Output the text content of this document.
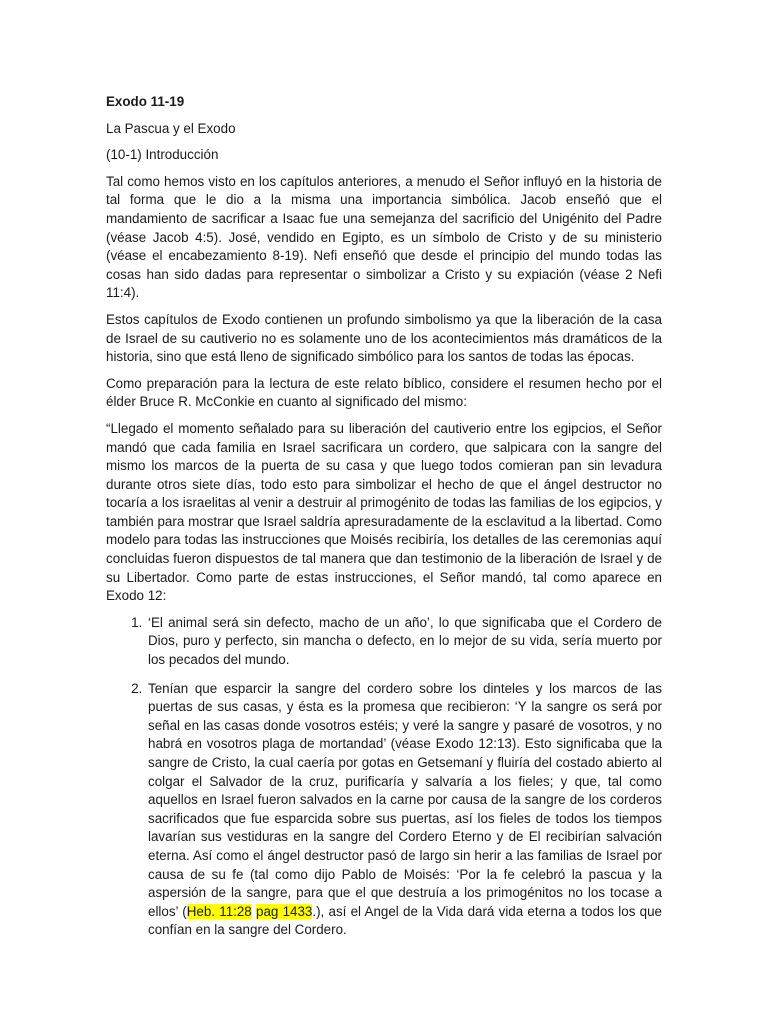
Exodo 11-19
La Pascua y el Exodo
(10-1) Introducción

Tal como hemos visto en los capítulos anteriores, a menudo el Señor influyó en la historia de tal forma que le dio a la misma una importancia simbólica. Jacob enseñó que el mandamiento de sacrificar a Isaac fue una semejanza del sacrificio del Unigénito del Padre (véase Jacob 4:5). José, vendido en Egipto, es un símbolo de Cristo y de su ministerio (véase el encabezamiento 8-19). Nefi enseñó que desde el principio del mundo todas las cosas han sido dadas para representar o simbolizar a Cristo y su expiación (véase 2 Nefi 11:4).

Estos capítulos de Exodo contienen un profundo simbolismo ya que la liberación de la casa de Israel de su cautiverio no es solamente uno de los acontecimientos más dramáticos de la historia, sino que está lleno de significado simbólico para los santos de todas las épocas.

Como preparación para la lectura de este relato bíblico, considere el resumen hecho por el élder Bruce R. McConkie en cuanto al significado del mismo:

“Llegado el momento señalado para su liberación del cautiverio entre los egipcios, el Señor mandó que cada familia en Israel sacrificara un cordero, que salpicara con la sangre del mismo los marcos de la puerta de su casa y que luego todos comieran pan sin levadura durante otros siete días, todo esto para simbolizar el hecho de que el ángel destructor no tocaría a los israelitas al venir a destruir al primogénito de todas las familias de los egipcios, y también para mostrar que Israel saldría apresuradamente de la esclavitud a la libertad. Como modelo para todas las instrucciones que Moisés recibiría, los detalles de las ceremonias aquí concluidas fueron dispuestos de tal manera que dan testimonio de la liberación de Israel y de su Libertador. Como parte de estas instrucciones, el Señor mandó, tal como aparece en Exodo 12:

1. ‘El animal será sin defecto, macho de un año’, lo que significaba que el Cordero de Dios, puro y perfecto, sin mancha o defecto, en lo mejor de su vida, sería muerto por los pecados del mundo.
2. Tenían que esparcir la sangre del cordero sobre los dinteles y los marcos de las puertas de sus casas, y ésta es la promesa que recibieron: ‘Y la sangre os será por señal en las casas donde vosotros estéis; y veré la sangre y pasaré de vosotros, y no habrá en vosotros plaga de mortandad’ (véase Exodo 12:13). Esto significaba que la sangre de Cristo, la cual caería por gotas en Getsemaní y fluiría del costado abierto al colgar el Salvador de la cruz, purificaría y salvaría a los fieles; y que, tal como aquellos en Israel fueron salvados en la carne por causa de la sangre de los corderos sacrificados que fue esparcida sobre sus puertas, así los fieles de todos los tiempos lavarían sus vestiduras en la sangre del Cordero Eterno y de El recibirían salvación eterna. Así como el ángel destructor pasó de largo sin herir a las familias de Israel por causa de su fe (tal como dijo Pablo de Moisés: ‘Por la fe celebró la pascua y la aspersión de la sangre, para que el que destruía a los primogénitos no los tocase a ellos’ (Heb. 11:28 pag 1433.), así el Angel de la Vida dará vida eterna a todos los que confían en la sangre del Cordero.
